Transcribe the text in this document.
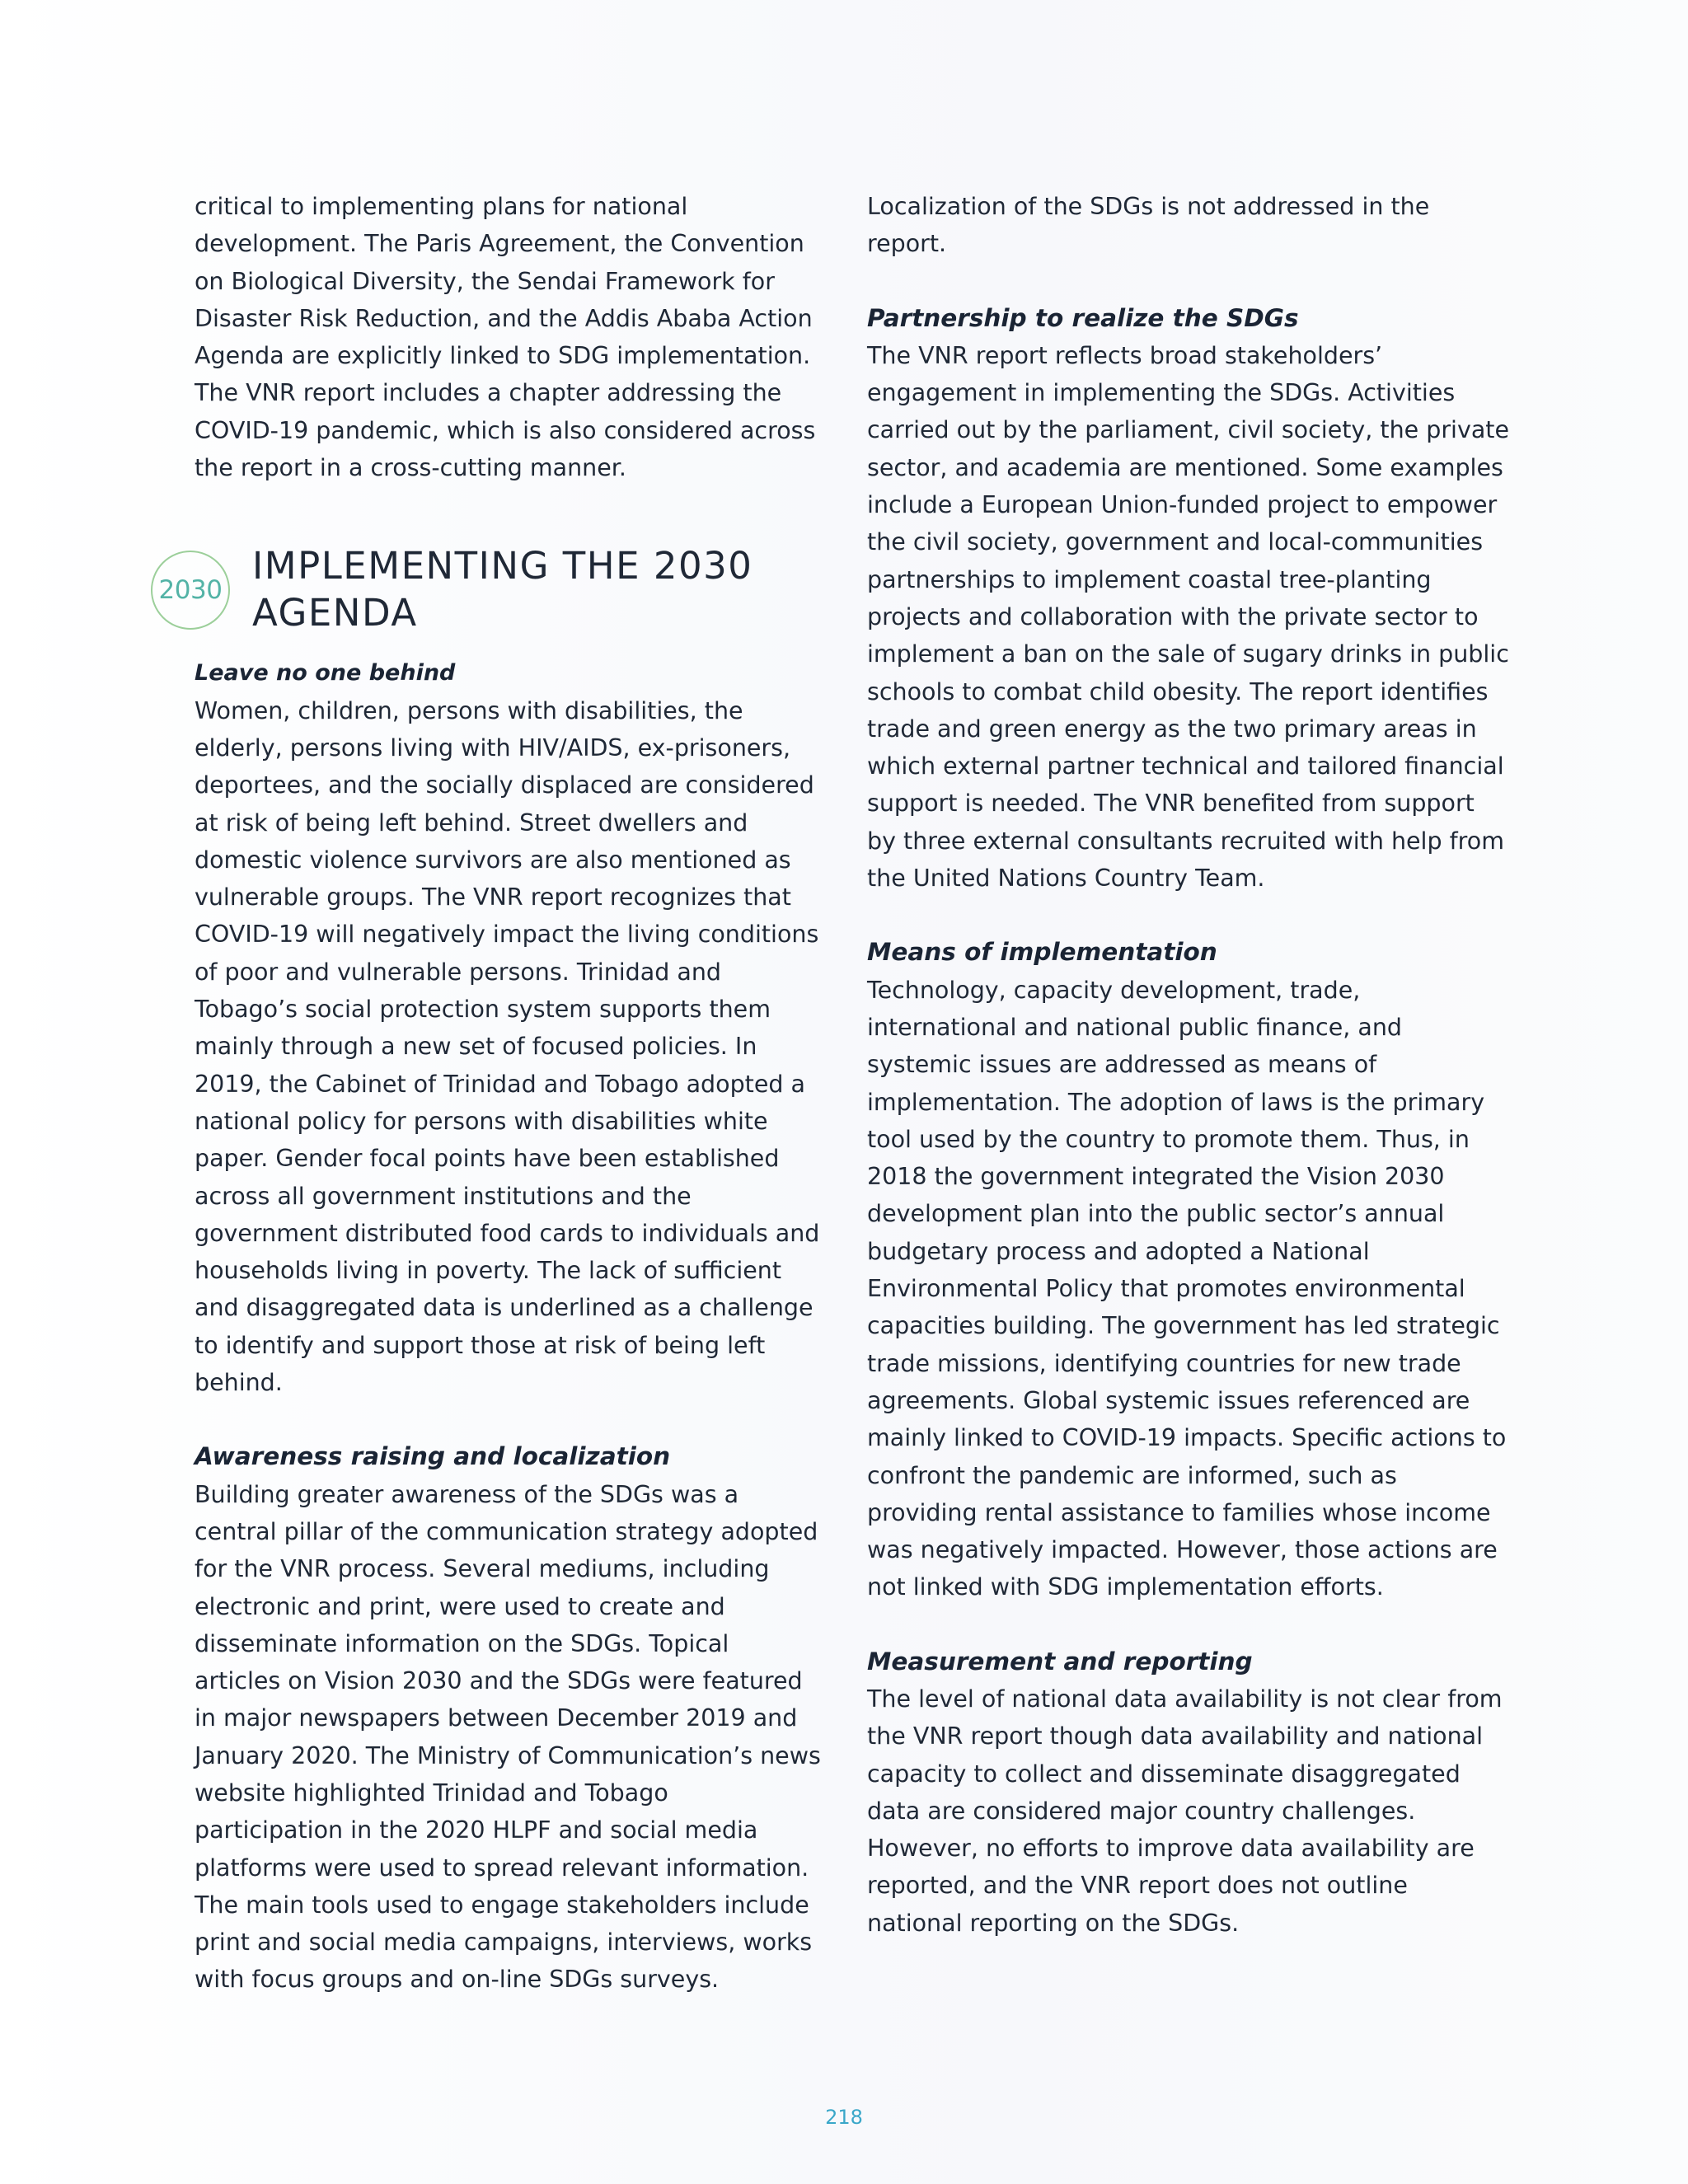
critical to implementing plans for national development. The Paris Agreement, the Convention on Biological Diversity, the Sendai Framework for Disaster Risk Reduction, and the Addis Ababa Action Agenda are explicitly linked to SDG implementation. The VNR report includes a chapter addressing the COVID-19 pandemic, which is also considered across the report in a cross-cutting manner.

2030
IMPLEMENTING THE 2030 AGENDA

Leave no one behind

Women, children, persons with disabilities, the elderly, persons living with HIV/AIDS, ex-prisoners, deportees, and the socially displaced are considered at risk of being left behind. Street dwellers and domestic violence survivors are also mentioned as vulnerable groups. The VNR report recognizes that COVID-19 will negatively impact the living conditions of poor and vulnerable persons. Trinidad and Tobago’s social protection system supports them mainly through a new set of focused policies. In 2019, the Cabinet of Trinidad and Tobago adopted a national policy for persons with disabilities white paper. Gender focal points have been established across all government institutions and the government distributed food cards to individuals and households living in poverty. The lack of sufficient and disaggregated data is underlined as a challenge to identify and support those at risk of being left behind.

Awareness raising and localization

Building greater awareness of the SDGs was a central pillar of the communication strategy adopted for the VNR process. Several mediums, including electronic and print, were used to create and disseminate information on the SDGs. Topical articles on Vision 2030 and the SDGs were featured in major newspapers between December 2019 and January 2020. The Ministry of Communication’s news website highlighted Trinidad and Tobago participation in the 2020 HLPF and social media platforms were used to spread relevant information. The main tools used to engage stakeholders include print and social media campaigns, interviews, works with focus groups and on-line SDGs surveys.

Localization of the SDGs is not addressed in the report.

Partnership to realize the SDGs

The VNR report reflects broad stakeholders’ engagement in implementing the SDGs. Activities carried out by the parliament, civil society, the private sector, and academia are mentioned. Some examples include a European Union-funded project to empower the civil society, government and local-communities partnerships to implement coastal tree-planting projects and collaboration with the private sector to implement a ban on the sale of sugary drinks in public schools to combat child obesity. The report identifies trade and green energy as the two primary areas in which external partner technical and tailored financial support is needed. The VNR benefited from support by three external consultants recruited with help from the United Nations Country Team.

Means of implementation

Technology, capacity development, trade, international and national public finance, and systemic issues are addressed as means of implementation. The adoption of laws is the primary tool used by the country to promote them. Thus, in 2018 the government integrated the Vision 2030 development plan into the public sector’s annual budgetary process and adopted a National Environmental Policy that promotes environmental capacities building. The government has led strategic trade missions, identifying countries for new trade agreements. Global systemic issues referenced are mainly linked to COVID-19 impacts. Specific actions to confront the pandemic are informed, such as providing rental assistance to families whose income was negatively impacted. However, those actions are not linked with SDG implementation efforts.

Measurement and reporting

The level of national data availability is not clear from the VNR report though data availability and national capacity to collect and disseminate disaggregated data are considered major country challenges. However, no efforts to improve data availability are reported, and the VNR report does not outline national reporting on the SDGs.

218
